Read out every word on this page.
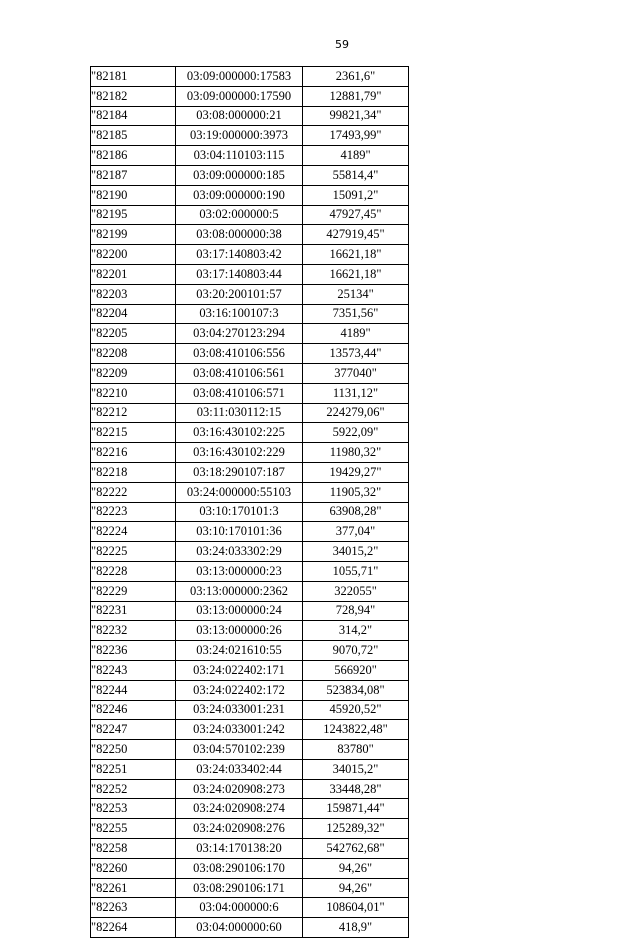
59
"82181	03:09:000000:17583	2361,6"
"82182	03:09:000000:17590	12881,79"
"82184	03:08:000000:21	99821,34"
"82185	03:19:000000:3973	17493,99"
"82186	03:04:110103:115	4189"
"82187	03:09:000000:185	55814,4"
"82190	03:09:000000:190	15091,2"
"82195	03:02:000000:5	47927,45"
"82199	03:08:000000:38	427919,45"
"82200	03:17:140803:42	16621,18"
"82201	03:17:140803:44	16621,18"
"82203	03:20:200101:57	25134"
"82204	03:16:100107:3	7351,56"
"82205	03:04:270123:294	4189"
"82208	03:08:410106:556	13573,44"
"82209	03:08:410106:561	377040"
"82210	03:08:410106:571	1131,12"
"82212	03:11:030112:15	224279,06"
"82215	03:16:430102:225	5922,09"
"82216	03:16:430102:229	11980,32"
"82218	03:18:290107:187	19429,27"
"82222	03:24:000000:55103	11905,32"
"82223	03:10:170101:3	63908,28"
"82224	03:10:170101:36	377,04"
"82225	03:24:033302:29	34015,2"
"82228	03:13:000000:23	1055,71"
"82229	03:13:000000:2362	322055"
"82231	03:13:000000:24	728,94"
"82232	03:13:000000:26	314,2"
"82236	03:24:021610:55	9070,72"
"82243	03:24:022402:171	566920"
"82244	03:24:022402:172	523834,08"
"82246	03:24:033001:231	45920,52"
"82247	03:24:033001:242	1243822,48"
"82250	03:04:570102:239	83780"
"82251	03:24:033402:44	34015,2"
"82252	03:24:020908:273	33448,28"
"82253	03:24:020908:274	159871,44"
"82255	03:24:020908:276	125289,32"
"82258	03:14:170138:20	542762,68"
"82260	03:08:290106:170	94,26"
"82261	03:08:290106:171	94,26"
"82263	03:04:000000:6	108604,01"
"82264	03:04:000000:60	418,9"
